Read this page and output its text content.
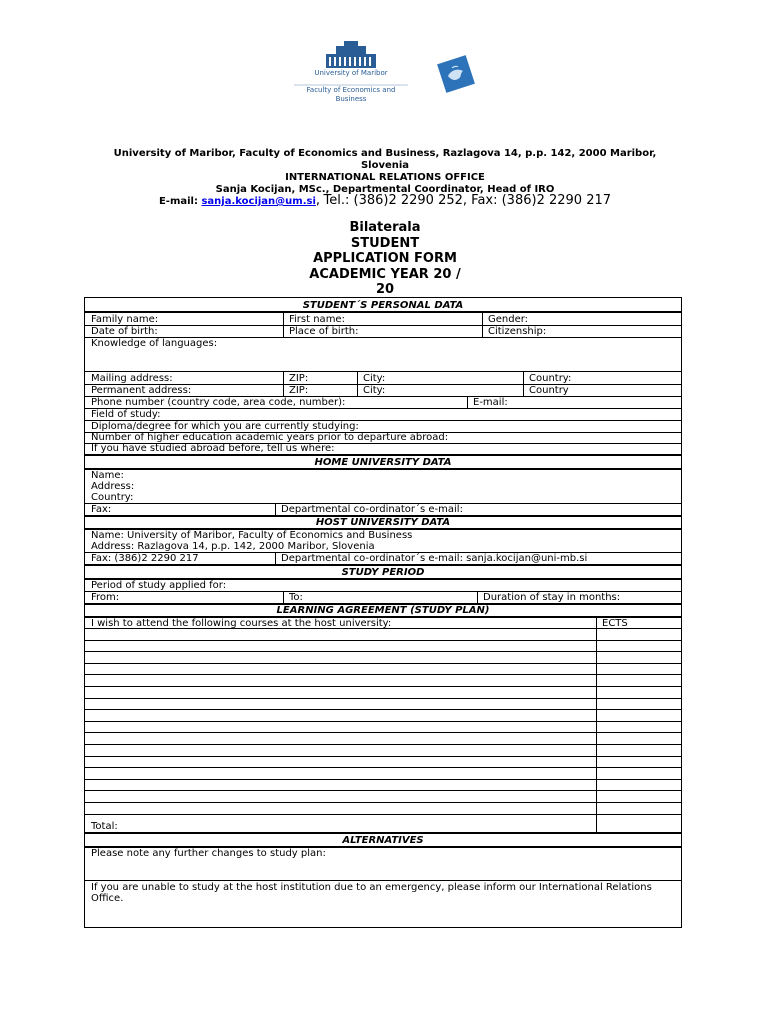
University of Maribor
Faculty of Economics and Business
University of Maribor, Faculty of Economics and Business, Razlagova 14, p.p. 142, 2000 Maribor, Slovenia
INTERNATIONAL RELATIONS OFFICE
Sanja Kocijan, MSc., Departmental Coordinator, Head of IRO
E-mail: sanja.kocijan@um.si, Tel.: (386)2 2290 252, Fax: (386)2 2290 217
Bilaterala
STUDENT
APPLICATION FORM
ACADEMIC YEAR 20 /
20
STUDENT´S PERSONAL DATA
Family name:	First name:	Gender:
Date of birth:	Place of birth:	Citizenship:
Knowledge of languages:
Mailing address:	ZIP:	City:	Country:
Permanent address:	ZIP:	City:	Country
Phone number (country code, area code, number):	E-mail:
Field of study:
Diploma/degree for which you are currently studying:
Number of higher education academic years prior to departure abroad:
If you have studied abroad before, tell us where:
HOME UNIVERSITY DATA
Name:
Address:
Country:
Fax:	Departmental co-ordinator´s e-mail:
HOST UNIVERSITY DATA
Name: University of Maribor, Faculty of Economics and Business
Address: Razlagova 14, p.p. 142, 2000 Maribor, Slovenia
Fax: (386)2 2290 217	Departmental co-ordinator´s e-mail: sanja.kocijan@uni-mb.si
STUDY PERIOD
Period of study applied for:
From:	To:	Duration of stay in months:
LEARNING AGREEMENT (STUDY PLAN)
I wish to attend the following courses at the host university:	ECTS
Total:
ALTERNATIVES
Please note any further changes to study plan:
If you are unable to study at the host institution due to an emergency, please inform our International Relations
Office.
